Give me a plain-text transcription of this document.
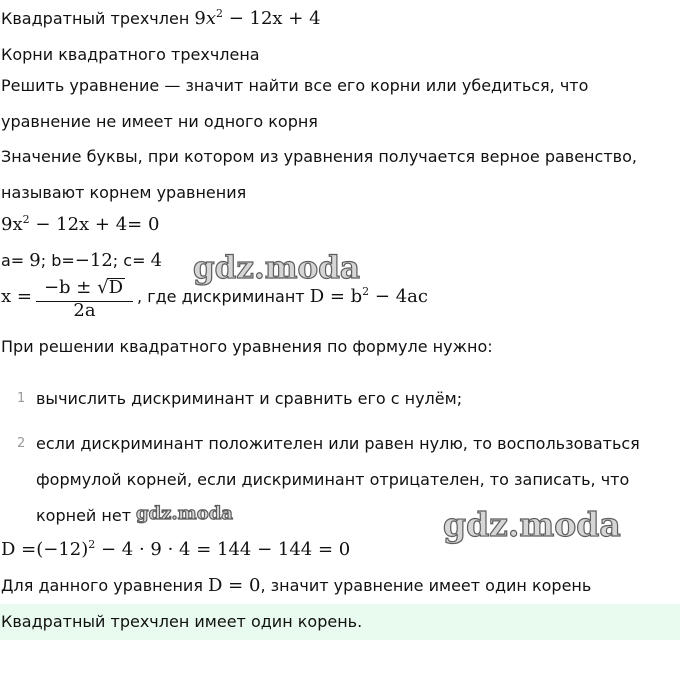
Квадратный трехчлен $9x^2 - 12x + 4$
Корни квадратного трехчлена
Решить уравнение — значит найти все его корни или убедиться, что
уравнение не имеет ни одного корня
Значение буквы, при котором из уравнения получается верное равенство,
называют корнем уравнения
$9x^2 - 12x + 4= 0$
a= 9; b=−12; c= 4
$x = \frac{-b \pm √D}{2a}$ , где дискриминант $D = b^2 - 4ac$
При решении квадратного уравнения по формуле нужно:
1 вычислить дискриминант и сравнить его с нулём;
2 если дискриминант положителен или равен нулю, то воспользоваться
формулой корней, если дискриминант отрицателен, то записать, что
корней нет
$D =(-12)^2 - 4 \cdot 9 \cdot 4 = 144 - 144 = 0$
Для данного уравнения D = 0, значит уравнение имеет один корень
Квадратный трехчлен имеет один корень.
gdz.moda
gdz.moda	gdz.moda
